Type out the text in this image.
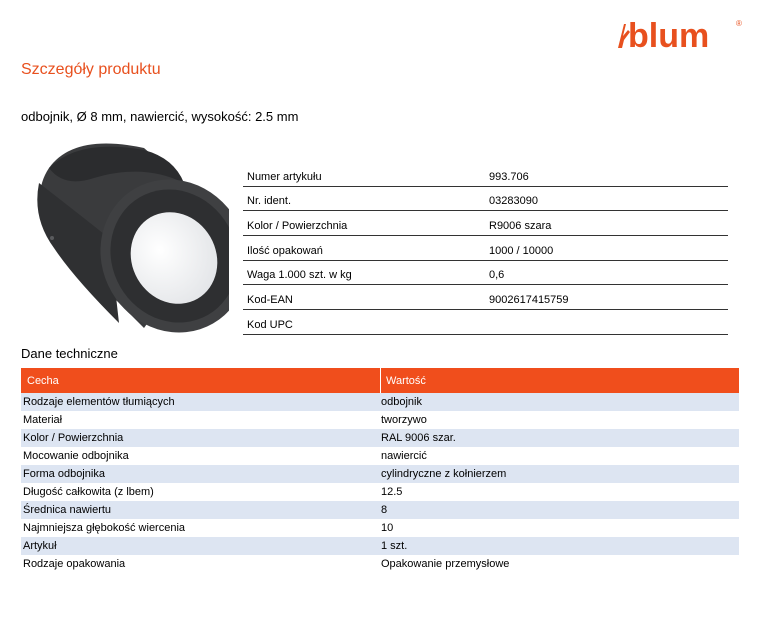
blum	®
Szczegóły produktu
odbojnik, Ø 8 mm, nawiercić, wysokość: 2.5 mm
Numer artykułu	993.706
Nr. ident.	03283090
Kolor / Powierzchnia	R9006 szara
Ilość opakowań	1000 / 10000
Waga 1.000 szt. w kg	0,6
Kod-EAN	9002617415759
Kod UPC
Dane techniczne
Cecha	Wartość
Rodzaje elementów tłumiących	odbojnik
Materiał	tworzywo
Kolor / Powierzchnia	RAL 9006 szar.
Mocowanie odbojnika	nawiercić
Forma odbojnika	cylindryczne z kołnierzem
Długość całkowita (z lbem)	12.5
Średnica nawiertu	8
Najmniejsza głębokość wiercenia	10
Artykuł	1 szt.
Rodzaje opakowania	Opakowanie przemysłowe
